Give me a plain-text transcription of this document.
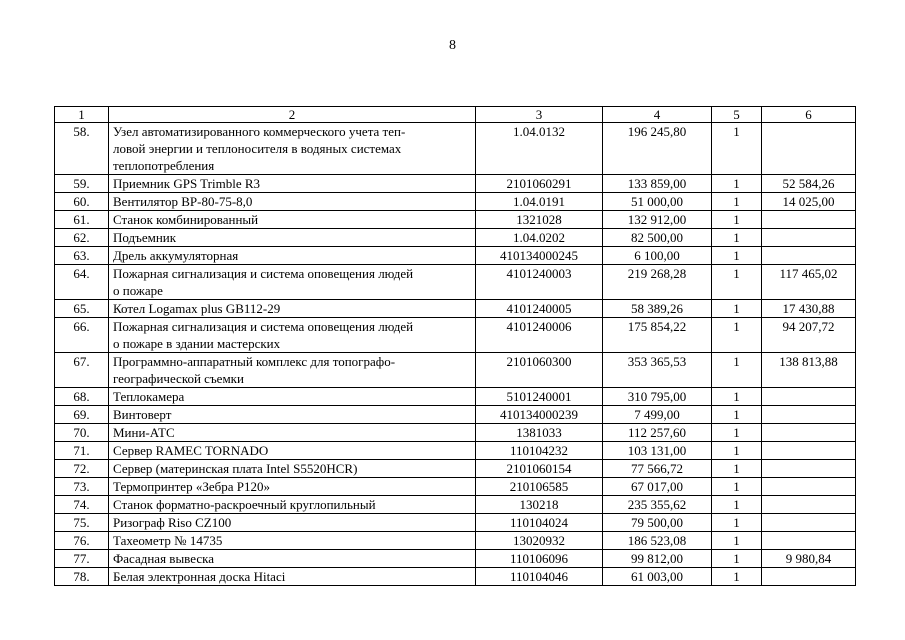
8
1	2	3	4	5	6
58.	Узел автоматизированного коммерческого учета теп-
ловой энергии и теплоносителя в водяных системах
теплопотребления	1.04.0132	196 245,80	1	
59.	Приемник GPS Trimble R3	2101060291	133 859,00	1	52 584,26
60.	Вентилятор ВР-80-75-8,0	1.04.0191	51 000,00	1	14 025,00
61.	Станок комбинированный	1321028	132 912,00	1	
62.	Подъемник	1.04.0202	82 500,00	1	
63.	Дрель аккумуляторная	410134000245	6 100,00	1	
64.	Пожарная сигнализация и система оповещения людей
о пожаре	4101240003	219 268,28	1	117 465,02
65.	Котел Logamax plus GB112-29	4101240005	58 389,26	1	17 430,88
66.	Пожарная сигнализация и система оповещения людей
о пожаре в здании мастерских	4101240006	175 854,22	1	94 207,72
67.	Программно-аппаратный комплекс для топографо-
географической съемки	2101060300	353 365,53	1	138 813,88
68.	Теплокамера	5101240001	310 795,00	1	
69.	Винтоверт	410134000239	7 499,00	1	
70.	Мини-АТС	1381033	112 257,60	1	
71.	Сервер RAMEC TORNADO	110104232	103 131,00	1	
72.	Сервер (материнская плата Intel S5520HCR)	2101060154	77 566,72	1	
73.	Термопринтер «Зебра P120»	210106585	67 017,00	1	
74.	Станок форматно-раскроечный круглопильный	130218	235 355,62	1	
75.	Ризограф Riso CZ100	110104024	79 500,00	1	
76.	Тахеометр № 14735	13020932	186 523,08	1	
77.	Фасадная вывеска	110106096	99 812,00	1	9 980,84
78.	Белая электронная доска Hitaci	110104046	61 003,00	1	
